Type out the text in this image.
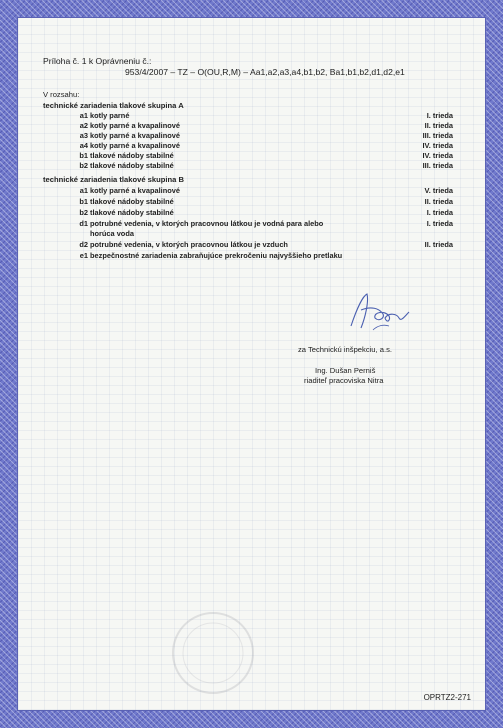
Príloha č. 1 k Oprávneniu č.:
953/4/2007 – TZ – O(OU,R,M) – Aa1,a2,a3,a4,b1,b2, Ba1,b1,b2,d1,d2,e1
V rozsahu:
technické zariadenia tlakové skupina A
a1 kotly parné	I. trieda
a2 kotly parné a kvapalinové	II. trieda
a3 kotly parné a kvapalinové	III. trieda
a4 kotly parné a kvapalinové	IV. trieda
b1 tlakové nádoby stabilné	IV. trieda
b2 tlakové nádoby stabilné	III. trieda
technické zariadenia tlakové skupina B
a1 kotly parné a kvapalinové	V. trieda
b1 tlakové nádoby stabilné	II. trieda
b2 tlakové nádoby stabilné	I. trieda
d1 potrubné vedenia, v ktorých pracovnou látkou je vodná para alebo	I. trieda
horúca voda
d2 potrubné vedenia, v ktorých pracovnou látkou je vzduch	II. trieda
e1 bezpečnostné zariadenia zabraňujúce prekročeniu najvyššieho pretlaku
za Technickú inšpekciu, a.s.
Ing. Dušan Perniš
riaditeľ pracoviska Nitra
OPRTZ2-271
